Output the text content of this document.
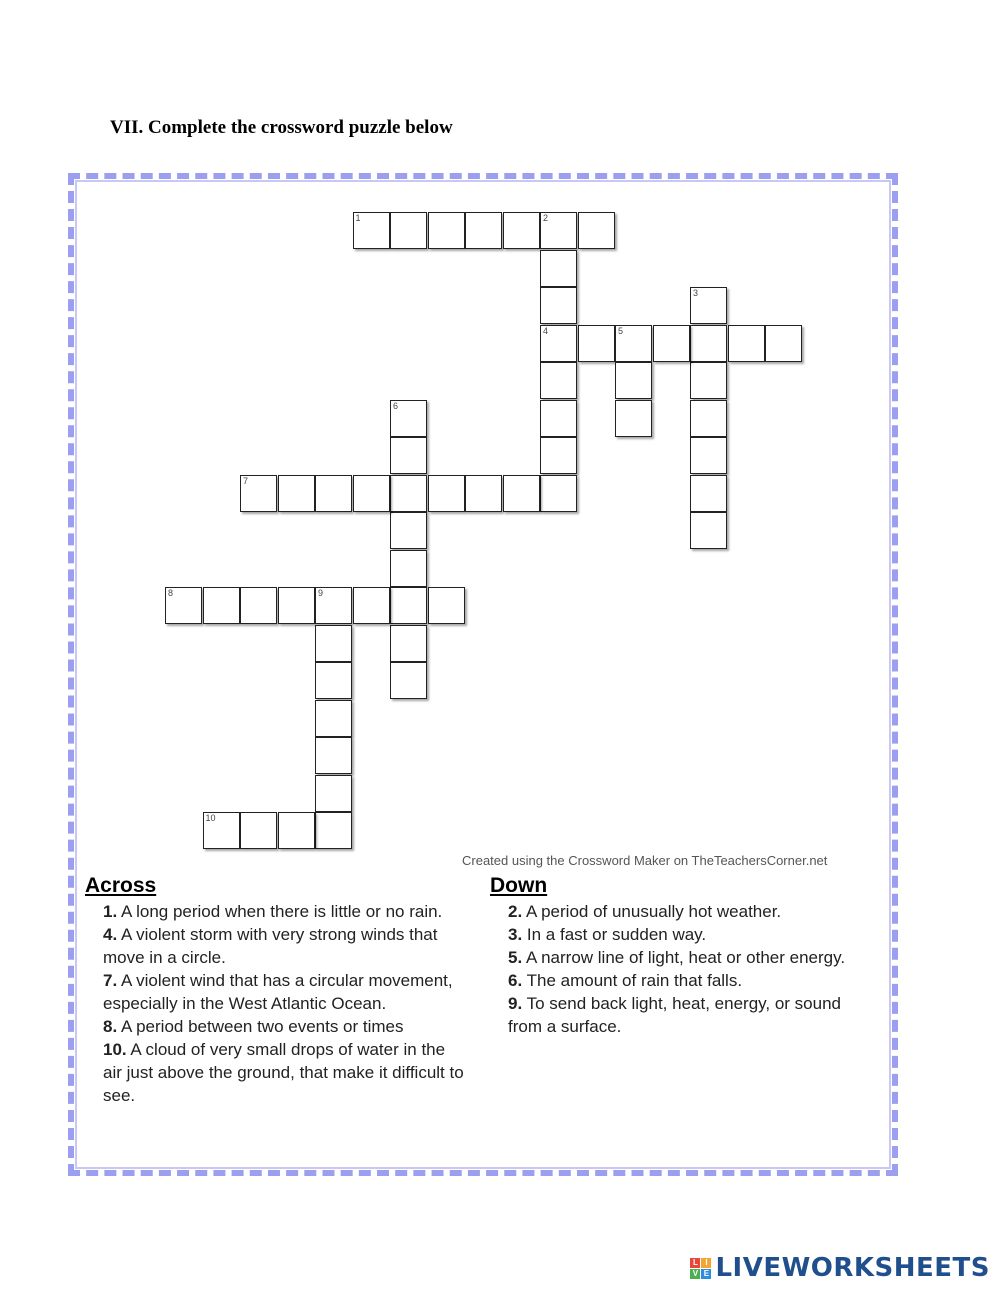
VII. Complete the crossword puzzle below
1	2
4
3
5
6
7
8	9
10
Created using the Crossword Maker on TheTeachersCorner.net
Across

1. A long period when there is little or no rain.

4. A violent storm with very strong winds that move in a circle.

7. A violent wind that has a circular movement, especially in the West Atlantic Ocean.

8. A period between two events or times

10. A cloud of very small drops of water in the air just above the ground, that make it difficult to see.

Down

2. A period of unusually hot weather.

3. In a fast or sudden way.

5. A narrow line of light, heat or other energy.

6. The amount of rain that falls.

9. To send back light, heat, energy, or sound from a surface.

L I
V E LIVEWORKSHEETS
